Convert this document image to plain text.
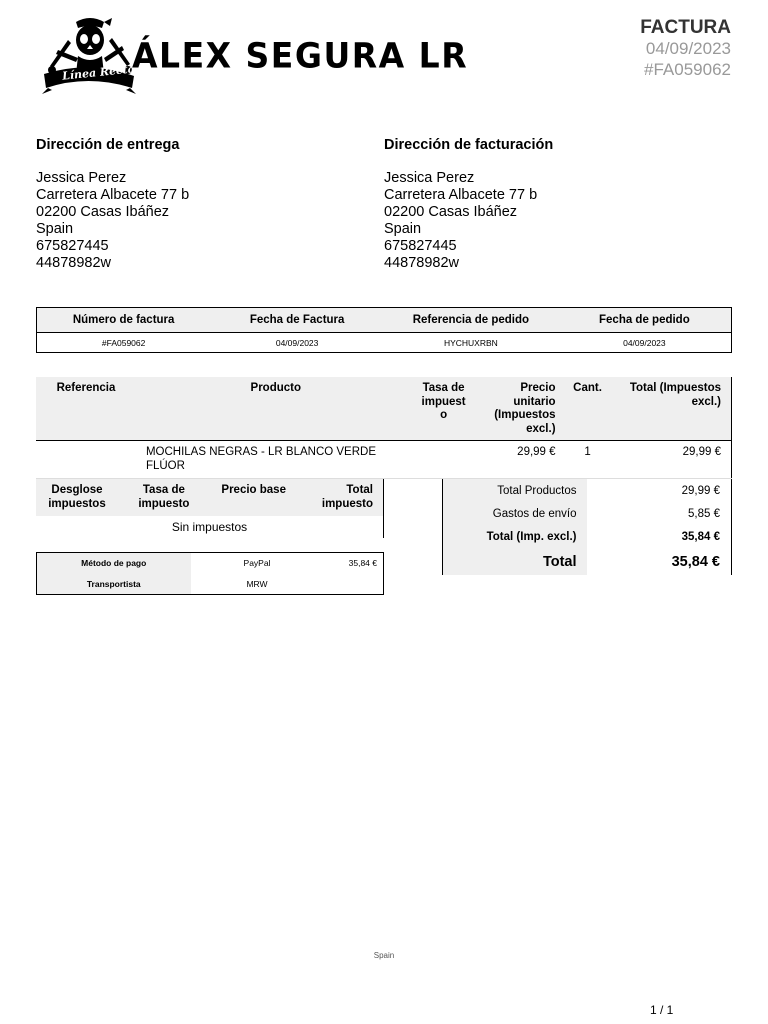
Línea Recta
ÁLEX SEGURA LR
FACTURA
04/09/2023
#FA059062
Dirección de entrega
Jessica Perez
Carretera Albacete 77 b
02200 Casas Ibáñez
Spain
675827445
44878982w
Dirección de facturación
Jessica Perez
Carretera Albacete 77 b
02200 Casas Ibáñez
Spain
675827445
44878982w
Número de factura	Fecha de Factura	Referencia de pedido	Fecha de pedido
#FA059062	04/09/2023	HYCHUXRBN	04/09/2023
Referencia	Producto	Tasa de impuest o	Precio unitario (Impuestos excl.)	Cant.	Total (Impuestos excl.)
	MOCHILAS NEGRAS - LR BLANCO VERDE FLÚOR		29,99 €	1	29,99 €
Desglose impuestos	Tasa de impuesto	Precio base	Total impuesto
Sin impuestos
Método de pago	PayPal	35,84 €
Transportista	MRW	
Total Productos	29,99 €
Gastos de envío	5,85 €
Total (Imp. excl.)	35,84 €
Total	35,84 €
Spain
1 / 1
